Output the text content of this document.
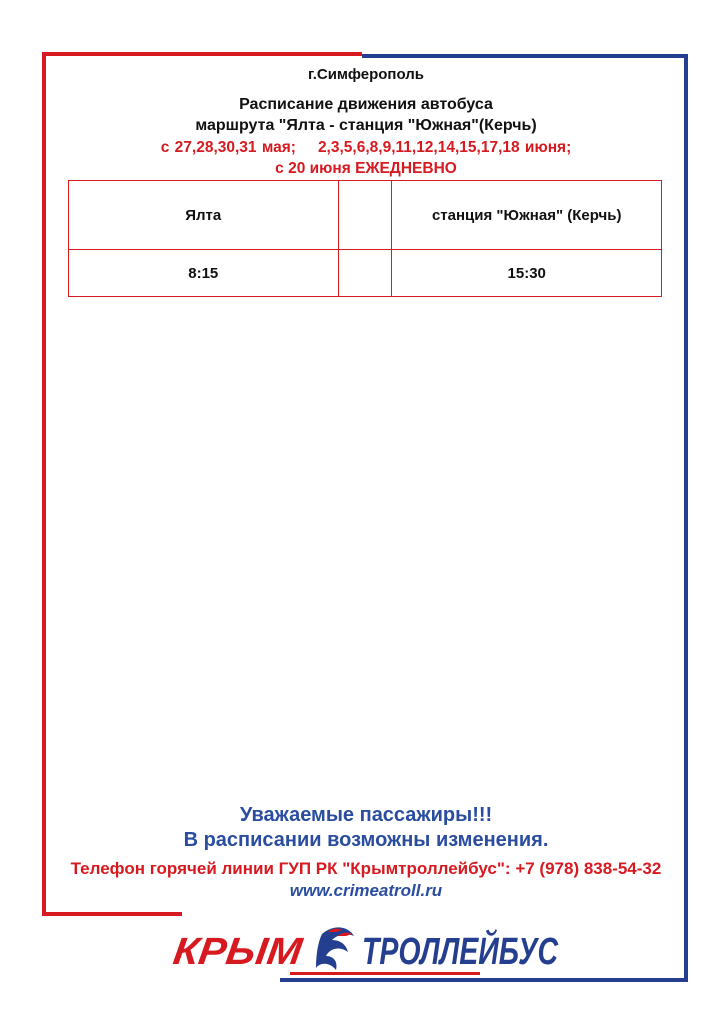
г.Симферополь
Расписание движения автобуса
маршрута "Ялта - станция "Южная"(Керчь)
с 27,28,30,31 мая; 2,3,5,6,8,9,11,12,14,15,17,18 июня;
с 20 июня ЕЖЕДНЕВНО
Ялта		станция "Южная" (Керчь)
8:15		15:30
Уважаемые пассажиры!!!
В расписании возможны изменения.
Телефон горячей линии ГУП РК "Крымтроллейбус": +7 (978) 838-54-32
www.crimeatroll.ru
КРЫМ ТРОЛЛЕЙБУС
